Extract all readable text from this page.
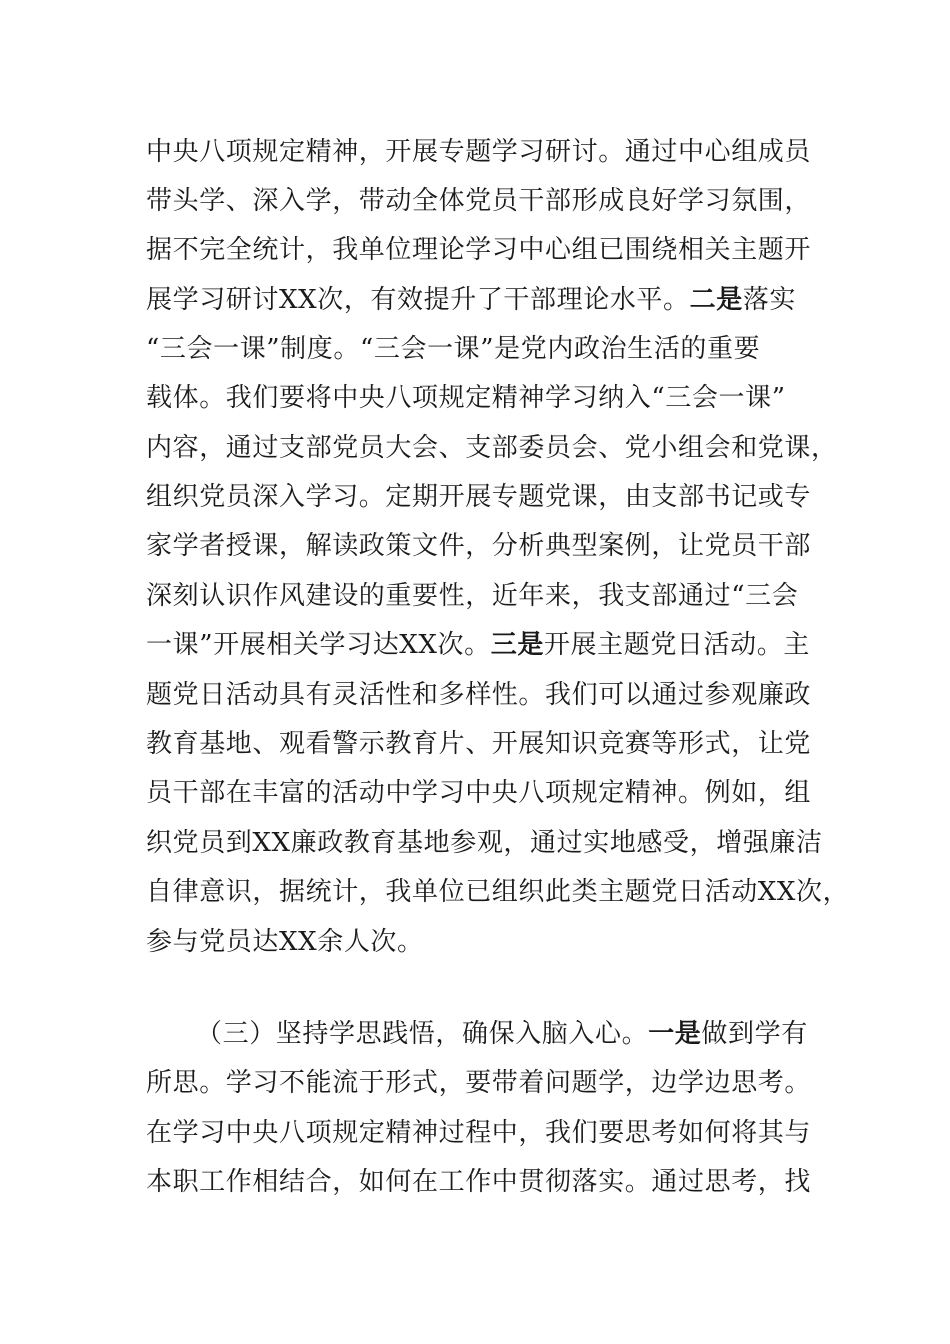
中央八项规定精神，开展专题学习研讨。通过中心组成员
带头学、深入学，带动全体党员干部形成良好学习氛围，
据不完全统计，我单位理论学习中心组已围绕相关主题开
展学习研讨XX次，有效提升了干部理论水平。二是落实
“三会一课”制度。“三会一课”是党内政治生活的重要
载体。我们要将中央八项规定精神学习纳入“三会一课”
内容，通过支部党员大会、支部委员会、党小组会和党课，
组织党员深入学习。定期开展专题党课，由支部书记或专
家学者授课，解读政策文件，分析典型案例，让党员干部
深刻认识作风建设的重要性，近年来，我支部通过“三会
一课”开展相关学习达XX次。三是开展主题党日活动。主
题党日活动具有灵活性和多样性。我们可以通过参观廉政
教育基地、观看警示教育片、开展知识竞赛等形式，让党
员干部在丰富的活动中学习中央八项规定精神。例如，组
织党员到XX廉政教育基地参观，通过实地感受，增强廉洁
自律意识，据统计，我单位已组织此类主题党日活动XX次，
参与党员达XX余人次。
（三）坚持学思践悟，确保入脑入心。一是做到学有
所思。学习不能流于形式，要带着问题学，边学边思考。
在学习中央八项规定精神过程中，我们要思考如何将其与
本职工作相结合，如何在工作中贯彻落实。通过思考，找
